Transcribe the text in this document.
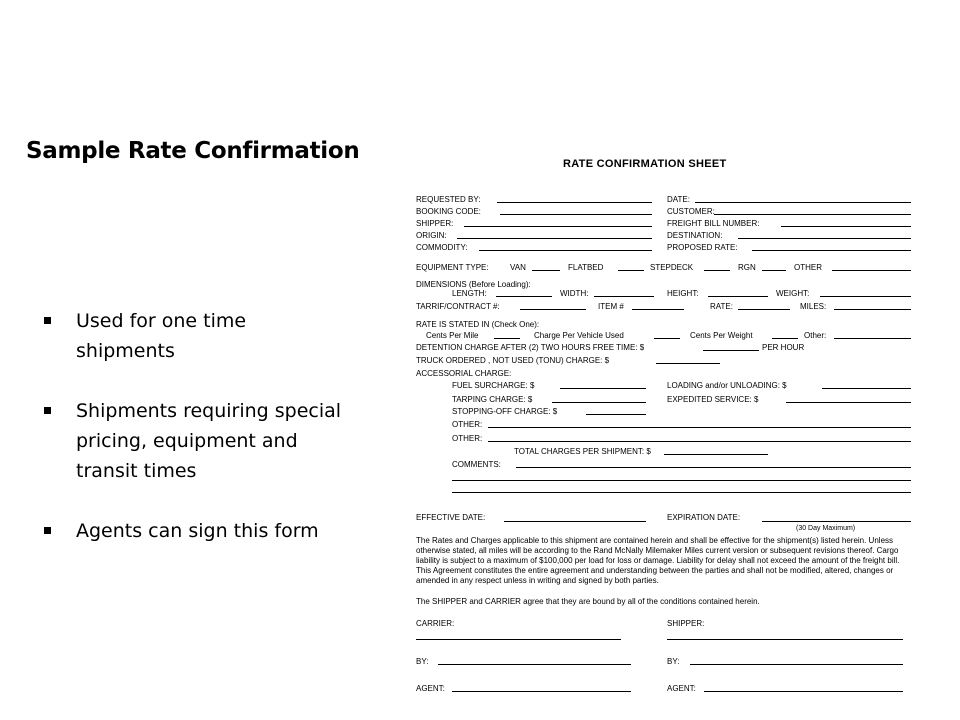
Sample Rate Confirmation
Used for one time shipments
Shipments requiring special pricing, equipment and transit times
Agents can sign this form
RATE CONFIRMATION SHEET
REQUESTED BY:	DATE:
BOOKING CODE:	CUSTOMER:
SHIPPER:	FREIGHT BILL NUMBER:
ORIGIN:	DESTINATION:
COMMODITY:	PROPOSED RATE:
EQUIPMENT TYPE:	VAN	FLATBED	STEPDECK	RGN	OTHER
DIMENSIONS (Before Loading):
LENGTH:	WIDTH:	HEIGHT:	WEIGHT:
TARRIF/CONTRACT #:	ITEM #	RATE:	MILES:
RATE IS STATED IN (Check One):
Cents Per Mile	Charge Per Vehicle Used	Cents Per Weight	Other:
DETENTION CHARGE AFTER (2) TWO HOURS FREE TIME: $	PER HOUR
TRUCK ORDERED , NOT USED (TONU) CHARGE: $
ACCESSORIAL CHARGE:
FUEL SURCHARGE: $	LOADING and/or UNLOADING: $
TARPING CHARGE: $	EXPEDITED SERVICE: $
STOPPING-OFF CHARGE: $
OTHER:
OTHER:
TOTAL CHARGES PER SHIPMENT: $
COMMENTS:
EFFECTIVE DATE:	EXPIRATION DATE:
(30 Day Maximum)
The Rates and Charges applicable to this shipment are contained herein and shall be effective for the shipment(s) listed herein. Unless otherwise stated, all miles will be according to the Rand McNally Milemaker Miles current version or subsequent revisions thereof. Cargo liability is subject to a maximum of $100,000 per load for loss or damage. Liability for delay shall not exceed the amount of the freight bill. This Agreement constitutes the entire agreement and understanding between the parties and shall not be modified, altered, changes or amended in any respect unless in writing and signed by both parties.
The SHIPPER and CARRIER agree that they are bound by all of the conditions contained herein.
CARRIER:	SHIPPER:
BY:	BY:
AGENT:	AGENT:
